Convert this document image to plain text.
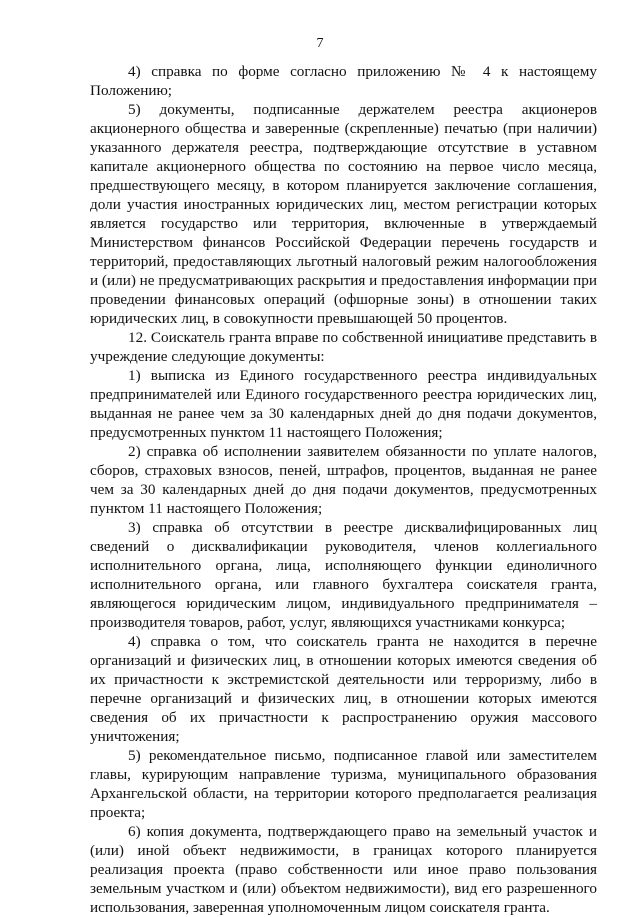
7

4) справка по форме согласно приложению № 4 к настоящему Положению;

5) документы, подписанные держателем реестра акционеров акционерного общества и заверенные (скрепленные) печатью (при наличии) указанного держателя реестра, подтверждающие отсутствие в уставном капитале акционерного общества по состоянию на первое число месяца, предшествующего месяцу, в котором планируется заключение соглашения, доли участия иностранных юридических лиц, местом регистрации которых является государство или территория, включенные в утверждаемый Министерством финансов Российской Федерации перечень государств и территорий, предоставляющих льготный налоговый режим налогообложения и (или) не предусматривающих раскрытия и предоставления информации при проведении финансовых операций (офшорные зоны) в отношении таких юридических лиц, в совокупности превышающей 50 процентов.

12. Соискатель гранта вправе по собственной инициативе представить в учреждение следующие документы:

1) выписка из Единого государственного реестра индивидуальных предпринимателей или Единого государственного реестра юридических лиц, выданная не ранее чем за 30 календарных дней до дня подачи документов, предусмотренных пунктом 11 настоящего Положения;

2) справка об исполнении заявителем обязанности по уплате налогов, сборов, страховых взносов, пеней, штрафов, процентов, выданная не ранее чем за 30 календарных дней до дня подачи документов, предусмотренных пунктом 11 настоящего Положения;

3) справка об отсутствии в реестре дисквалифицированных лиц сведений о дисквалификации руководителя, членов коллегиального исполнительного органа, лица, исполняющего функции единоличного исполнительного органа, или главного бухгалтера соискателя гранта, являющегося юридическим лицом, индивидуального предпринимателя – производителя товаров, работ, услуг, являющихся участниками конкурса;

4) справка о том, что соискатель гранта не находится в перечне организаций и физических лиц, в отношении которых имеются сведения об их причастности к экстремистской деятельности или терроризму, либо в перечне организаций и физических лиц, в отношении которых имеются сведения об их причастности к распространению оружия массового уничтожения;

5) рекомендательное письмо, подписанное главой или заместителем главы, курирующим направление туризма, муниципального образования Архангельской области, на территории которого предполагается реализация проекта;

6) копия документа, подтверждающего право на земельный участок и (или) иной объект недвижимости, в границах которого планируется реализация проекта (право собственности или иное право пользования земельным участком и (или) объектом недвижимости), вид его разрешенного использования, заверенная уполномоченным лицом соискателя гранта.
